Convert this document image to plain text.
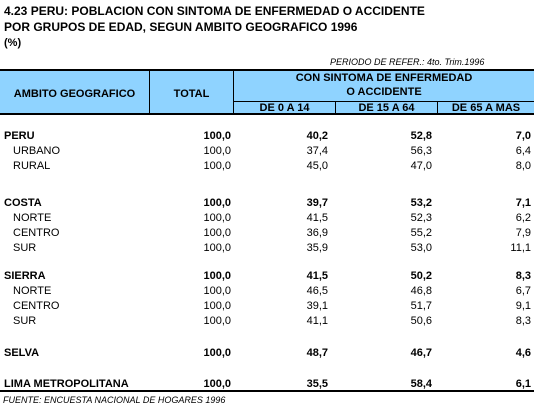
4.23 PERU: POBLACION CON SINTOMA DE ENFERMEDAD O ACCIDENTE
POR GRUPOS DE EDAD, SEGUN AMBITO GEOGRAFICO 1996
(%)
PERIODO DE REFER.: 4to. Trim.1996
AMBITO GEOGRAFICO	TOTAL
CON SINTOMA DE ENFERMEDAD
O ACCIDENTE
DE 0 A 14	DE 15 A 64	DE 65 A MAS
PERU	100,0	40,2	52,8	7,0
URBANO	100,0	37,4	56,3	6,4
RURAL	100,0	45,0	47,0	8,0
COSTA	100,0	39,7	53,2	7,1
NORTE	100,0	41,5	52,3	6,2
CENTRO	100,0	36,9	55,2	7,9
SUR	100,0	35,9	53,0	11,1
SIERRA	100,0	41,5	50,2	8,3
NORTE	100,0	46,5	46,8	6,7
CENTRO	100,0	39,1	51,7	9,1
SUR	100,0	41,1	50,6	8,3
SELVA	100,0	48,7	46,7	4,6
LIMA METROPOLITANA	100,0	35,5	58,4	6,1
FUENTE: ENCUESTA NACIONAL DE HOGARES 1996
